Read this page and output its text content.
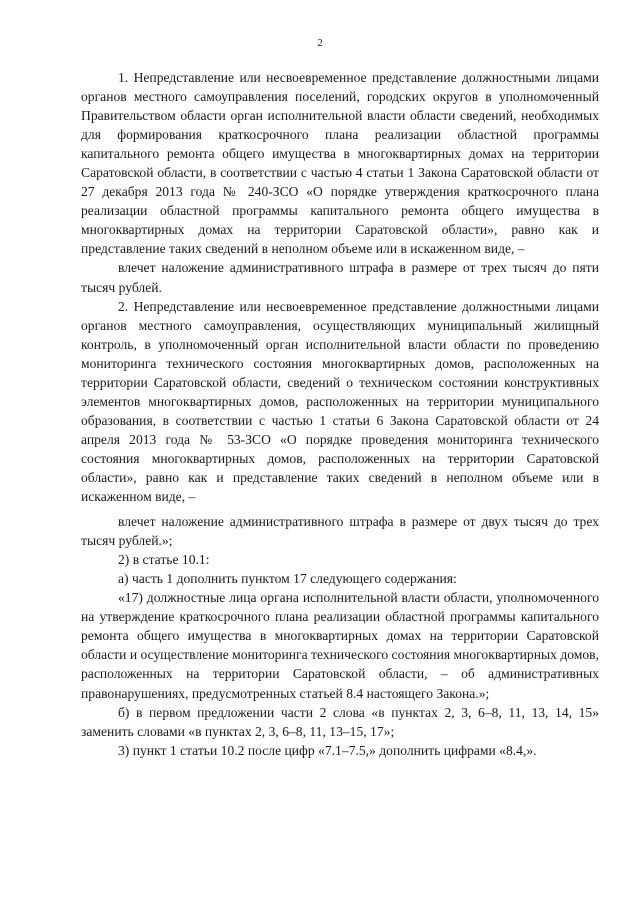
2

1. Непредставление или несвоевременное представление должностными лицами органов местного самоуправления поселений, городских округов в уполномоченный Правительством области орган исполнительной власти области сведений, необходимых для формирования краткосрочного плана реализации областной программы капитального ремонта общего имущества в многоквартирных домах на территории Саратовской области, в соответствии с частью 4 статьи 1 Закона Саратовской области от 27 декабря 2013 года № 240-ЗСО «О порядке утверждения краткосрочного плана реализации областной программы капитального ремонта общего имущества в многоквартирных домах на территории Саратовской области», равно как и представление таких сведений в неполном объеме или в искаженном виде, –

влечет наложение административного штрафа в размере от трех тысяч до пяти тысяч рублей.

2. Непредставление или несвоевременное представление должностными лицами органов местного самоуправления, осуществляющих муниципальный жилищный контроль, в уполномоченный орган исполнительной власти области по проведению мониторинга технического состояния многоквартирных домов, расположенных на территории Саратовской области, сведений о техническом состоянии конструктивных элементов многоквартирных домов, расположенных на территории муниципального образования, в соответствии с частью 1 статьи 6 Закона Саратовской области от 24 апреля 2013 года № 53-ЗСО «О порядке проведения мониторинга технического состояния многоквартирных домов, расположенных на территории Саратовской области», равно как и представление таких сведений в неполном объеме или в искаженном виде, –

влечет наложение административного штрафа в размере от двух тысяч до трех тысяч рублей.»;

2) в статье 10.1:

а) часть 1 дополнить пунктом 17 следующего содержания:

«17) должностные лица органа исполнительной власти области, уполномоченного на утверждение краткосрочного плана реализации областной программы капитального ремонта общего имущества в многоквартирных домах на территории Саратовской области и осуществление мониторинга технического состояния многоквартирных домов, расположенных на территории Саратовской области, – об административных правонарушениях, предусмотренных статьей 8.4 настоящего Закона.»;

б) в первом предложении части 2 слова «в пунктах 2, 3, 6–8, 11, 13, 14, 15» заменить словами «в пунктах 2, 3, 6–8, 11, 13–15, 17»;

3) пункт 1 статьи 10.2 после цифр «7.1–7.5,» дополнить цифрами «8.4,».
